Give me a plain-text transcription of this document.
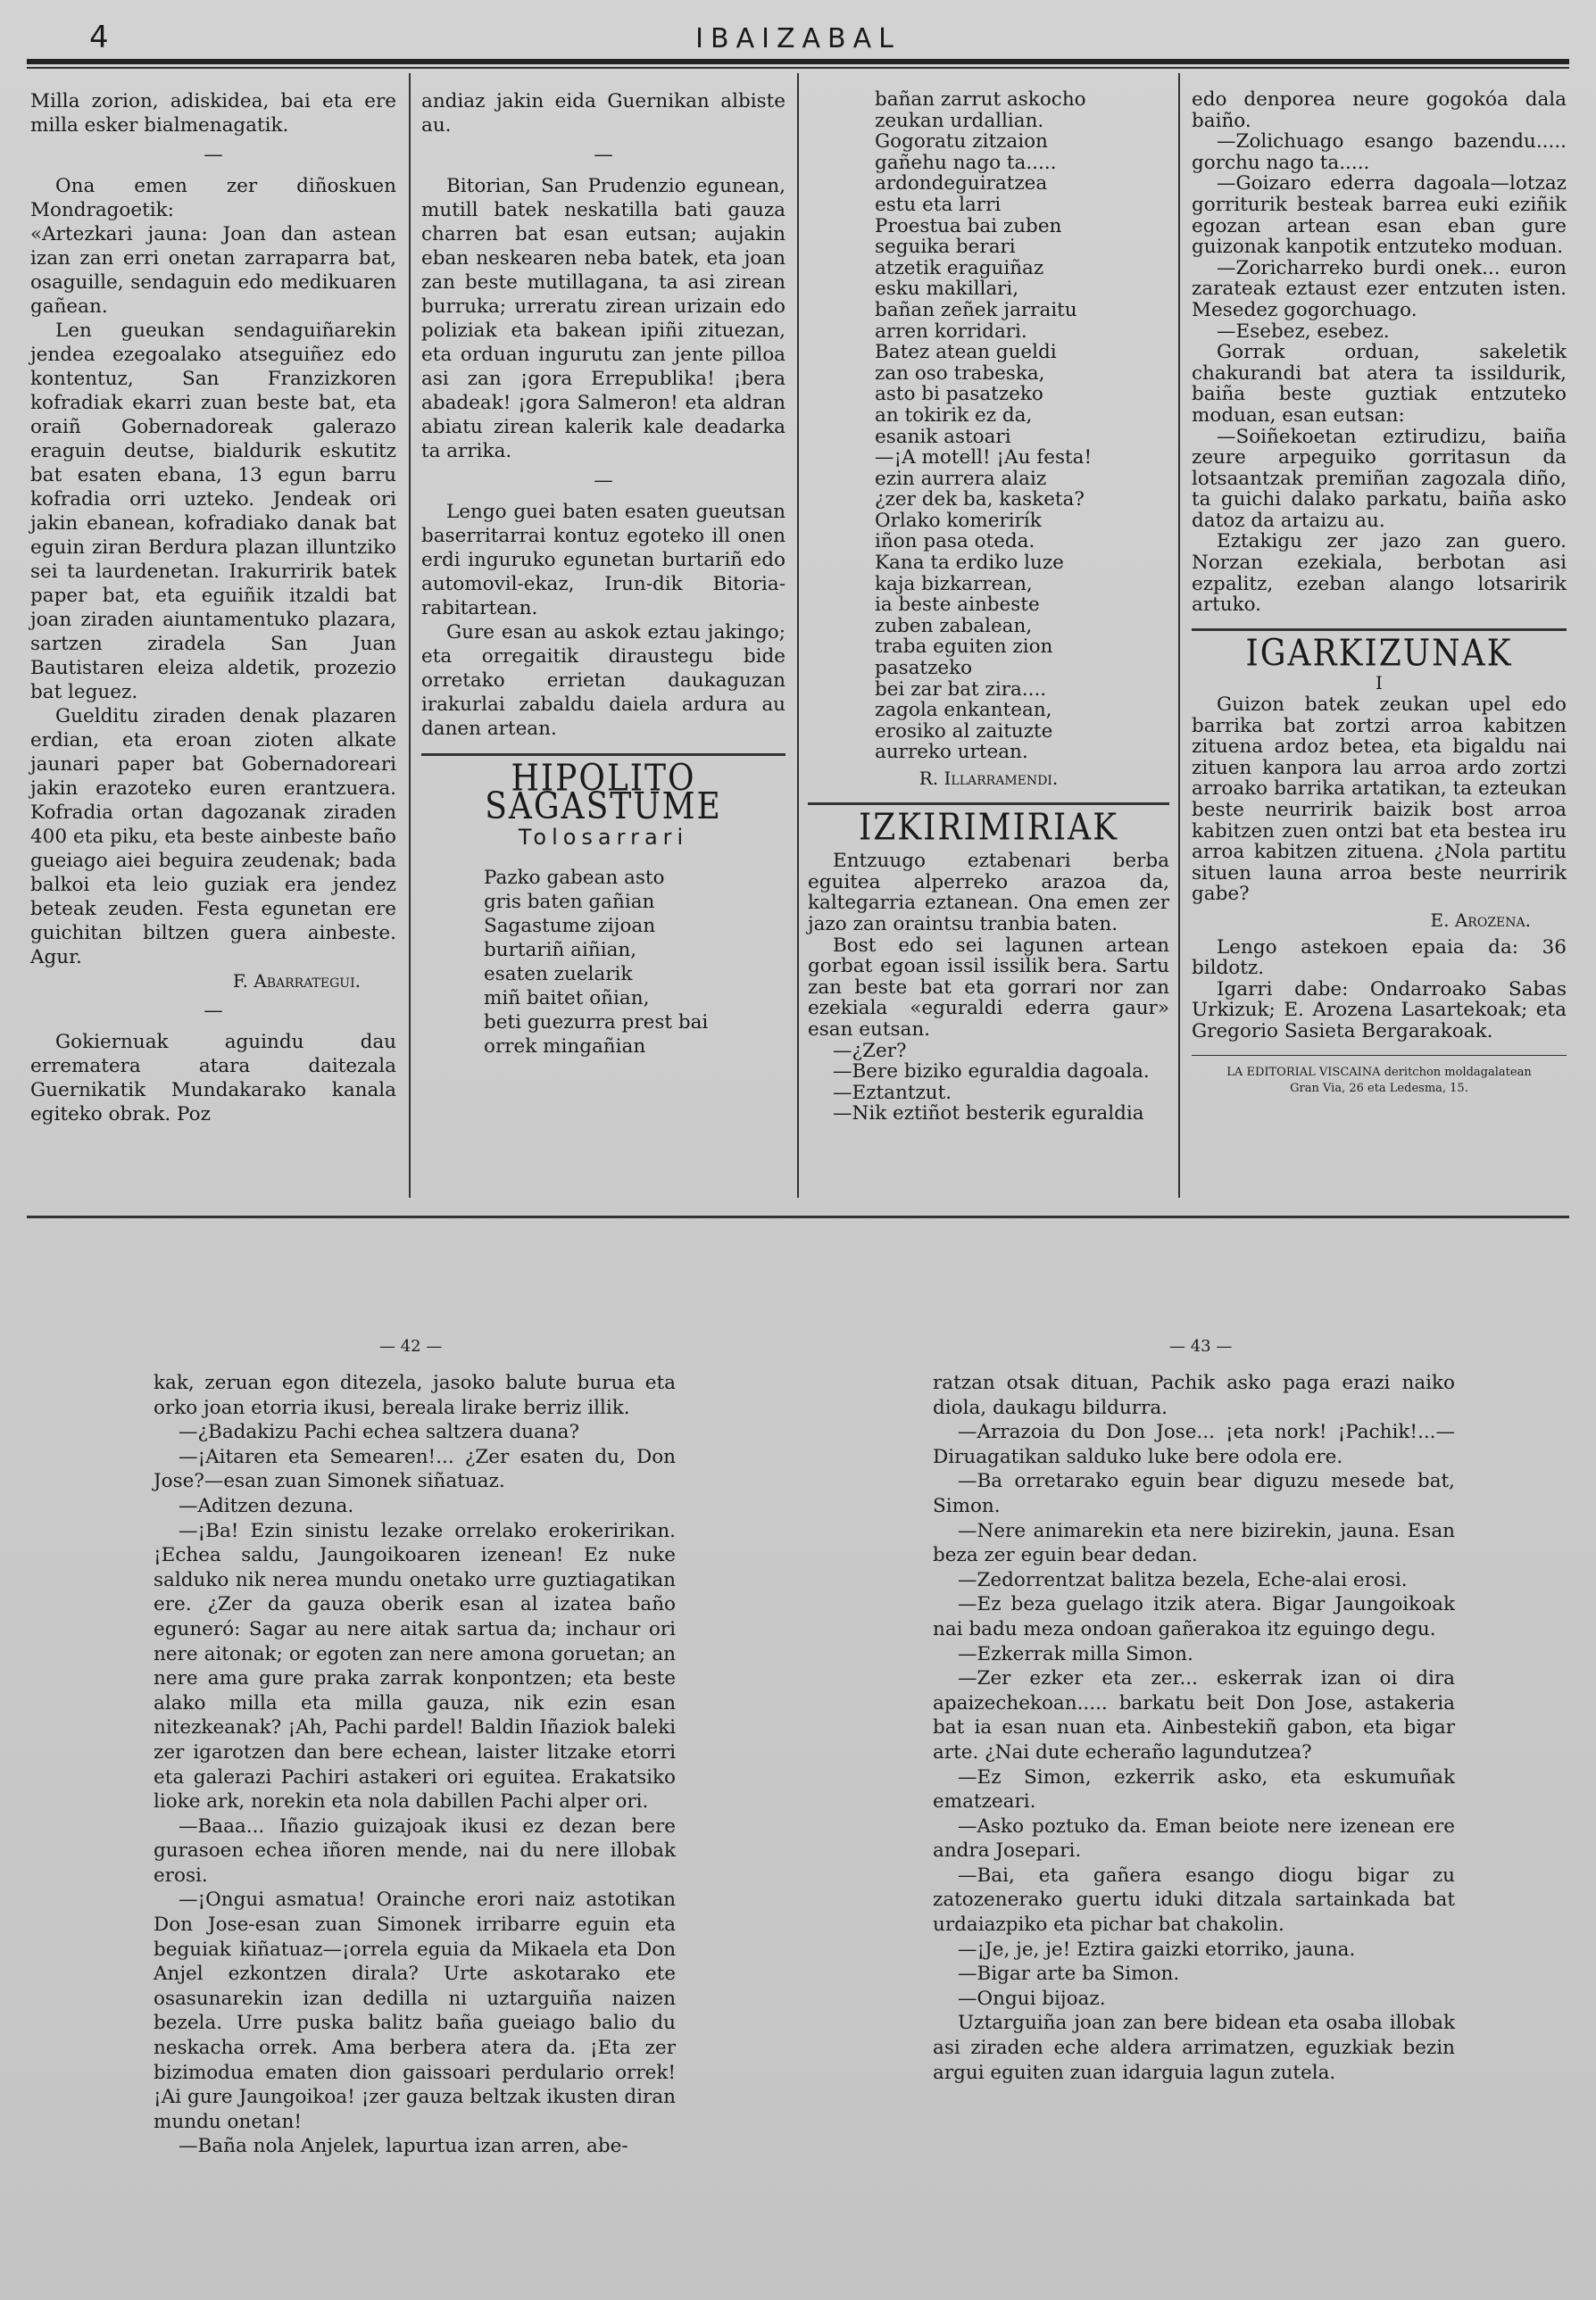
4	IBAIZABAL

Milla zorion, adiskidea, bai eta ere milla esker bialmenagatik.

—

Ona emen zer diñoskuen Mondragoetik:

«Artezkari jauna: Joan dan astean izan zan erri onetan zarraparra bat, osaguille, sendaguin edo medikuaren gañean.

Len gueukan sendaguiñarekin jendea ezegoalako atseguiñez edo kontentuz, San Franzizkoren kofradiak ekarri zuan beste bat, eta oraiñ Gobernadoreak galerazo eraguin deutse, bialdurik eskutitz bat esaten ebana, 13 egun barru kofradia orri uzteko. Jendeak ori jakin ebanean, kofradiako danak bat eguin ziran Berdura plazan illuntziko sei ta laurdenetan. Irakurririk batek paper bat, eta eguiñik itzaldi bat joan ziraden aiuntamentuko plazara, sartzen ziradela San Juan Bautistaren eleiza aldetik, prozezio bat leguez.

Guelditu ziraden denak plazaren erdian, eta eroan zioten alkate jaunari paper bat Gobernadoreari jakin erazoteko euren erantzuera. Kofradia ortan dagozanak ziraden 400 eta piku, eta beste ainbeste baño gueiago aiei beguira zeudenak; bada balkoi eta leio guziak era jendez beteak zeuden. Festa egunetan ere guichitan biltzen guera ainbeste. Agur.

F. Abarrategui.
—

Gokiernuak aguindu dau errematera atara daitezala Guernikatik Mundakarako kanala egiteko obrak. Poz

andiaz jakin eida Guernikan albiste au.

—

Bitorian, San Prudenzio egunean, mutill batek neskatilla bati gauza charren bat esan eutsan; aujakin eban neskearen neba batek, eta joan zan beste mutillagana, ta asi zirean burruka; urreratu zirean urizain edo poliziak eta bakean ipiñi zituezan, eta orduan ingurutu zan jente pilloa asi zan ¡gora Errepublika! ¡bera abadeak! ¡gora Salmeron! eta aldran abiatu zirean kalerik kale deadarka ta arrika.

—

Lengo guei baten esaten gueutsan baserritarrai kontuz egoteko ill onen erdi inguruko egunetan burtariñ edo automovil-ekaz, Irun-dik Bitoria-rabitartean.

Gure esan au askok eztau jakingo; eta orregaitik diraustegu bide orretako errietan daukaguzan irakurlai zabaldu daiela ardura au danen artean.

HIPOLITO SAGASTUME
Tolosarrari

Pazko gabean asto

gris baten gañian

Sagastume zijoan

burtariñ aiñian,

esaten zuelarik

miñ baitet oñian,

beti guezurra prest bai

orrek mingañian

bañan zarrut askocho

zeukan urdallian.

Gogoratu zitzaion

gañehu nago ta.....

ardondeguiratzea

estu eta larri

Proestua bai zuben

seguika berari

atzetik eraguiñaz

esku makillari,

bañan zeñek jarraitu

arren korridari.

Batez atean gueldi

zan oso trabeska,

asto bi pasatzeko

an tokirik ez da,

esanik astoari

—¡A motell! ¡Au festa!

ezin aurrera alaiz

¿zer dek ba, kasketa?

Orlako komerirík

iñon pasa oteda.

Kana ta erdiko luze

kaja bizkarrean,

ia beste ainbeste

zuben zabalean,

traba eguiten zion

pasatzeko

bei zar bat zira....

zagola enkantean,

erosiko al zaituzte

aurreko urtean.

R. Illarramendi.
IZKIRIMIRIAK

Entzuugo eztabenari berba eguitea alperreko arazoa da, kaltegarria eztanean. Ona emen zer jazo zan oraintsu tranbia baten.

Bost edo sei lagunen artean gorbat egoan issil issilik bera. Sartu zan beste bat eta gorrari nor zan ezekiala «eguraldi ederra gaur» esan eutsan.

—¿Zer?

—Bere biziko eguraldia dagoala.

—Eztantzut.

—Nik eztiñot besterik eguraldia

edo denporea neure gogokóa dala baiño.

—Zolichuago esango bazendu..... gorchu nago ta.....

—Goizaro ederra dagoala—lotzaz gorriturik besteak barrea euki eziñik egozan artean esan eban gure guizonak kanpotik entzuteko moduan.

—Zoricharreko burdi onek... euron zarateak eztaust ezer entzuten isten. Mesedez gogorchuago.

—Esebez, esebez.

Gorrak orduan, sakeletik chakurandi bat atera ta issildurik, baiña beste guztiak entzuteko moduan, esan eutsan:

—Soiñekoetan eztirudizu, baiña zeure arpeguiko gorritasun da lotsaantzak premiñan zagozala diño, ta guichi dalako parkatu, baiña asko datoz da artaizu au.

Eztakigu zer jazo zan guero. Norzan ezekiala, berbotan asi ezpalitz, ezeban alango lotsaririk artuko.

IGARKIZUNAK
I

Guizon batek zeukan upel edo barrika bat zortzi arroa kabitzen zituena ardoz betea, eta bigaldu nai zituen kanpora lau arroa ardo zortzi arroako barrika artatikan, ta ezteukan beste neurririk baizik bost arroa kabitzen zuen ontzi bat eta bestea iru arroa kabitzen zituena. ¿Nola partitu situen launa arroa beste neurririk gabe?

E. Arozena.

Lengo astekoen epaia da: 36 bildotz.

Igarri dabe: Ondarroako Sabas Urkizuk; E. Arozena Lasartekoak; eta Gregorio Sasieta Bergarakoak.

LA EDITORIAL VISCAINA deritchon moldagalatean
Gran Via, 26 eta Ledesma, 15.
— 42 —	— 43 —

kak, zeruan egon ditezela, jasoko balute burua eta orko joan etorria ikusi, bereala lirake berriz illik.

—¿Badakizu Pachi echea saltzera duana?

—¡Aitaren eta Semearen!... ¿Zer esaten du, Don Jose?—esan zuan Simonek siñatuaz.

—Aditzen dezuna.

—¡Ba! Ezin sinistu lezake orrelako erokeririkan. ¡Echea saldu, Jaungoikoaren izenean! Ez nuke salduko nik nerea mundu onetako urre guztiagatikan ere. ¿Zer da gauza oberik esan al izatea baño eguneró: Sagar au nere aitak sartua da; inchaur ori nere aitonak; or egoten zan nere amona goruetan; an nere ama gure praka zarrak konpontzen; eta beste alako milla eta milla gauza, nik ezin esan nitezkeanak? ¡Ah, Pachi pardel! Baldin Iñaziok baleki zer igarotzen dan bere echean, laister litzake etorri eta galerazi Pachiri astakeri ori eguitea. Erakatsiko lioke ark, norekin eta nola dabillen Pachi alper ori.

—Baaa... Iñazio guizajoak ikusi ez dezan bere gurasoen echea iñoren mende, nai du nere illobak erosi.

—¡Ongui asmatua! Orainche erori naiz astotikan Don Jose-esan zuan Simonek irribarre eguin eta beguiak kiñatuaz—¡orrela eguia da Mikaela eta Don Anjel ezkontzen dirala? Urte askotarako ete osasunarekin izan dedilla ni uztarguiña naizen bezela. Urre puska balitz baña gueiago balio du neskacha orrek. Ama berbera atera da. ¡Eta zer bizimodua ematen dion gaissoari perdulario orrek! ¡Ai gure Jaungoikoa! ¡zer gauza beltzak ikusten diran mundu onetan!

—Baña nola Anjelek, lapurtua izan arren, abe-

ratzan otsak dituan, Pachik asko paga erazi naiko diola, daukagu bildurra.

—Arrazoia du Don Jose... ¡eta nork! ¡Pachik!...—Diruagatikan salduko luke bere odola ere.

—Ba orretarako eguin bear diguzu mesede bat, Simon.

—Nere animarekin eta nere bizirekin, jauna. Esan beza zer eguin bear dedan.

—Zedorrentzat balitza bezela, Eche-alai erosi.

—Ez beza guelago itzik atera. Bigar Jaungoikoak nai badu meza ondoan gañerakoa itz eguingo degu.

—Ezkerrak milla Simon.

—Zer ezker eta zer... eskerrak izan oi dira apaizechekoan..... barkatu beit Don Jose, astakeria bat ia esan nuan eta. Ainbestekiñ gabon, eta bigar arte. ¿Nai dute echeraño lagundutzea?

—Ez Simon, ezkerrik asko, eta eskumuñak ematzeari.

—Asko poztuko da. Eman beiote nere izenean ere andra Josepari.

—Bai, eta gañera esango diogu bigar zu zatozenerako guertu iduki ditzala sartainkada bat urdaiazpiko eta pichar bat chakolin.

—¡Je, je, je! Eztira gaizki etorriko, jauna.

—Bigar arte ba Simon.

—Ongui bijoaz.

Uztarguiña joan zan bere bidean eta osaba illobak asi ziraden eche aldera arrimatzen, eguzkiak bezin argui eguiten zuan idarguia lagun zutela.
